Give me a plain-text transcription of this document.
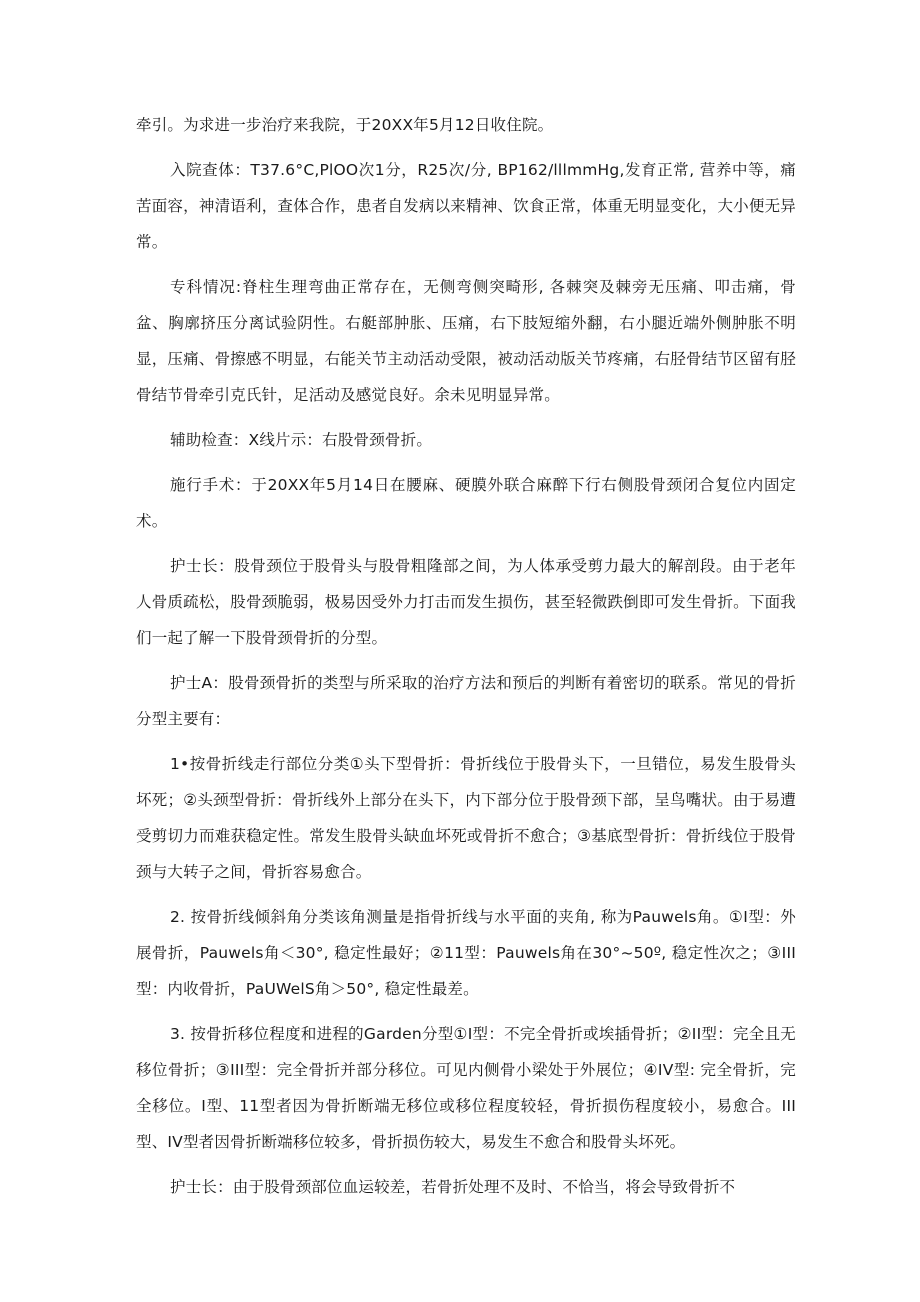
牵引。为求进一步治疗来我院，于20XX年5月12日收住院。

入院查体：T37.6°C,PlOO次1分，R25次/分, BP162/lllmmHg,发育正常, 营养中等，痛苦面容，神清语利，查体合作，患者自发病以来精神、饮食正常，体重无明显变化，大小便无异常。

专科情况:脊柱生理弯曲正常存在，无侧弯侧突畸形, 各棘突及棘旁无压痛、叩击痛，骨盆、胸廓挤压分离试验阴性。右艇部肿胀、压痛，右下肢短缩外翻，右小腿近端外侧肿胀不明显，压痛、骨擦感不明显，右能关节主动活动受限，被动活动版关节疼痛，右胫骨结节区留有胫骨结节骨牵引克氏针，足活动及感觉良好。余未见明显异常。

辅助检查：X线片示：右股骨颈骨折。

施行手术：于20XX年5月14日在腰麻、硬膜外联合麻醉下行右侧股骨颈闭合复位内固定术。

护士长：股骨颈位于股骨头与股骨粗隆部之间，为人体承受剪力最大的解剖段。由于老年人骨质疏松，股骨颈脆弱，极易因受外力打击而发生损伤，甚至轻微跌倒即可发生骨折。下面我们一起了解一下股骨颈骨折的分型。

护士A：股骨颈骨折的类型与所采取的治疗方法和预后的判断有着密切的联系。常见的骨折分型主要有：

1•按骨折线走行部位分类①头下型骨折：骨折线位于股骨头下，一旦错位，易发生股骨头坏死；②头颈型骨折：骨折线外上部分在头下，内下部分位于股骨颈下部，呈鸟嘴状。由于易遭受剪切力而难获稳定性。常发生股骨头缺血坏死或骨折不愈合；③基底型骨折：骨折线位于股骨颈与大转子之间，骨折容易愈合。

2. 按骨折线倾斜角分类该角测量是指骨折线与水平面的夹角, 称为Pauwels角。①I型：外展骨折，Pauwels角＜30°, 稳定性最好；②11型：Pauwels角在30°~50º, 稳定性次之；③III型：内收骨折，PaUWelS角＞50°, 稳定性最差。

3. 按骨折移位程度和进程的Garden分型①I型：不完全骨折或埃插骨折；②II型：完全且无移位骨折；③III型：完全骨折并部分移位。可见内侧骨小梁处于外展位；④IV型: 完全骨折，完全移位。I型、11型者因为骨折断端无移位或移位程度较轻，骨折损伤程度较小，易愈合。III型、IV型者因骨折断端移位较多，骨折损伤较大，易发生不愈合和股骨头坏死。

护士长：由于股骨颈部位血运较差，若骨折处理不及时、不恰当，将会导致骨折不
